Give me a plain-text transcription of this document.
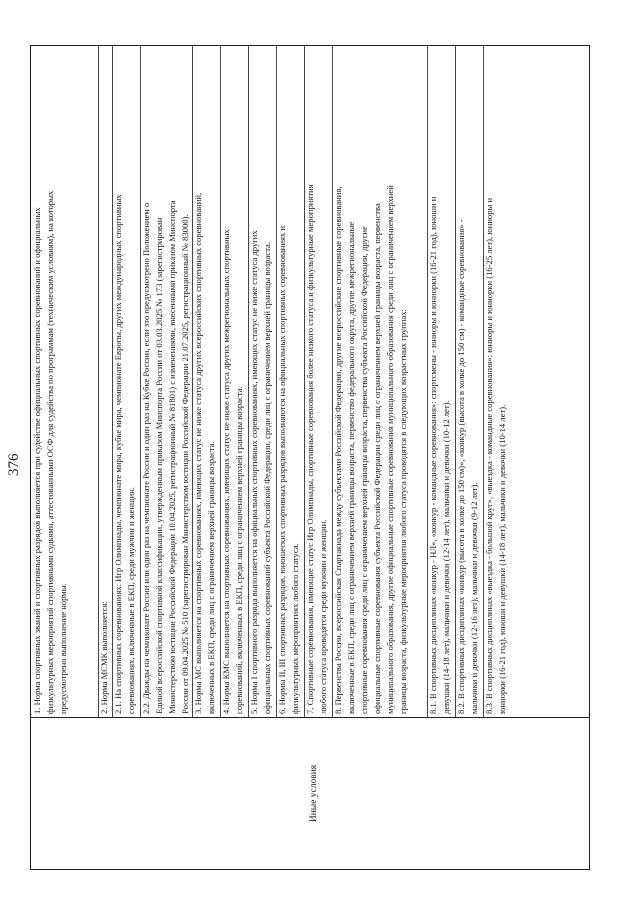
376
Иные условия
1. Норма спортивных званий и спортивных разрядов выполняется при судействе официальных спортивных соревнований и официальных физкультурных мероприятий спортивными судьями, аттестованными ОСФ для судейства по программам (техническим условиям), на которых предусмотрено выполнение нормы.	2. Норма МСМК выполняется: 2.1. На спортивных соревнованиях: Игр Олимпиады, чемпионате мира, кубке мира, чемпионате Европы, других международных спортивных соревнованиях, включенные в ЕКП, среди мужчин и женщин. 2.2. Дважды на чемпионате России или один раз на чемпионате России и один раз на Кубке России, если это предусмотрено Положением о Единой всероссийской спортивной классификации, утвержденным приказом Минспорта России от 03.03.2025 № 173 (зарегистрирован Министерством юстиции Российской Федерации 10.04.2025, регистрационный № 81801) с изменениями, внесенными приказом Минспорта России от 09.04.2025 № 510 (зарегистрирован Министерством юстиции Российской Федерации 21.07.2025, регистрационный № 83000). 3. Норма МС выполняется на спортивных соревнованиях, имеющих статус не ниже статуса других всероссийских спортивных соревнований, включенных в ЕКП, среди лиц с ограничением верхней границы возраста. 4. Норма КМС выполняется на спортивных соревнованиях, имеющих статус не ниже статуса других межрегиональных спортивных соревнований, включенных в ЕКП, среди лиц с ограничением верхней границы возраста. 5. Норма I спортивного разряда выполняется на официальных спортивных соревнованиях, имеющих статус не ниже статуса других официальных спортивных соревнований субъекта Российской Федерации, среди лиц с ограничением верхней границы возраста. 6. Нормы II, III спортивных разрядов, юношеских спортивных разрядов выполняются на официальных спортивных соревнованиях и физкультурных мероприятиях любого статуса. 7. Спортивные соревнования, имеющие статус Игр Олимпиады, спортивные соревнования более низкого статуса и физкультурные мероприятия любого статуса проводятся среди мужчин и женщин. 8. Первенства России, всероссийская Спартакиада между субъектами Российской Федерации, другие всероссийские спортивные соревнования, включенные в ЕКП, среди лиц с ограничением верхней границы возраста, первенство федерального округа, другие межрегиональные спортивные соревнования среди лиц с ограничением верхней границы возраста, первенства субъекта Российской Федерации, другие официальные спортивные соревнования субъекта Российской Федерации среди лиц с ограничением верхней границы возраста, первенства муниципального образования, другие официальные спортивные соревнования муниципального образования среди лиц с ограничением верхней границы возраста, физкультурные мероприятия любого статуса проводятся в следующих возрастных группах: 8.1. В спортивных дисциплинах «конкур - НЛ», «конкур - командные соревнования»: спортсмены - юниоры и юниорки (16-21 год), юноши и девушки (14-18 лет), мальчики и девочки (12-14 лет), мальчики и девочки (10-12 лет). 8.2. В спортивных дисциплинах «конкур (высота в холке до 150 см)», «конкур (высота в холке до 150 см) - командные соревнования» - мальчики и девочки (12-16 лет), мальчики и девочки (9-12 лет). 8.3. В спортивных дисциплинах «выездка - большой круг», «выездка - командные соревнования»: юниоры и юниорки (16-25 лет), юниоры и юниорки (16-21 год), юноши и девушки (14-18 лет), мальчики и девочки (10-14 лет).
